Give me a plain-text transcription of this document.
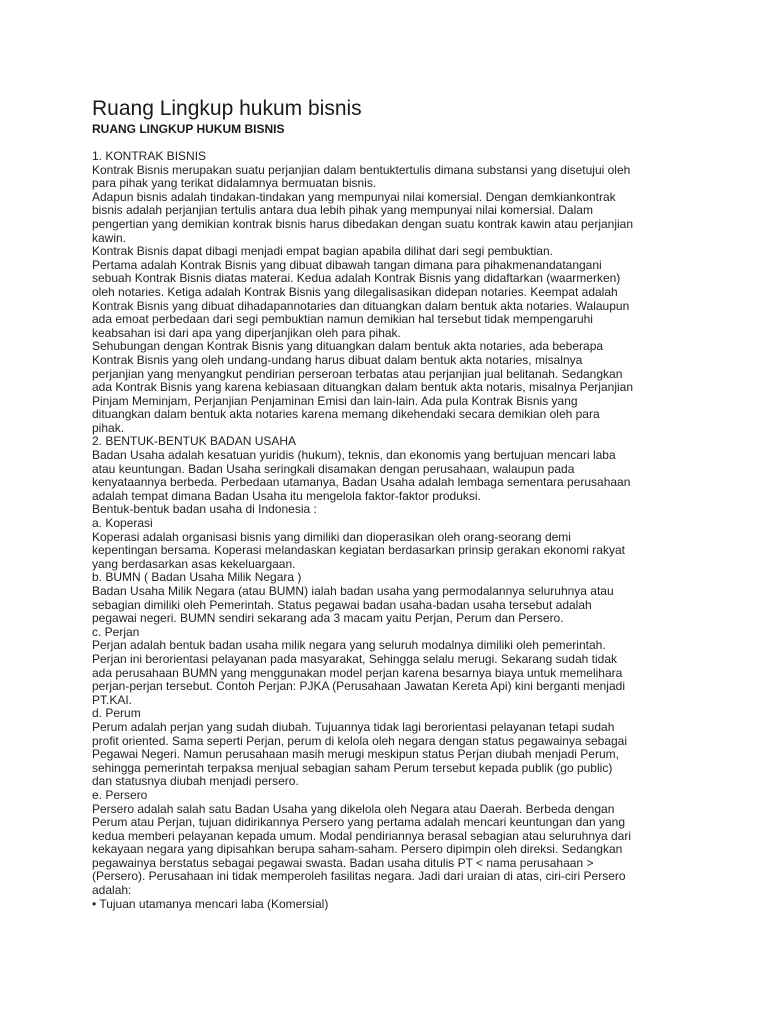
Ruang Lingkup hukum bisnis
RUANG LINGKUP HUKUM BISNIS
1. KONTRAK BISNIS
Kontrak Bisnis merupakan suatu perjanjian dalam bentuktertulis dimana substansi yang disetujui oleh
para pihak yang terikat didalamnya bermuatan bisnis.
Adapun bisnis adalah tindakan-tindakan yang mempunyai nilai komersial. Dengan demkiankontrak
bisnis adalah perjanjian tertulis antara dua lebih pihak yang mempunyai nilai komersial. Dalam
pengertian yang demikian kontrak bisnis harus dibedakan dengan suatu kontrak kawin atau perjanjian
kawin.
Kontrak Bisnis dapat dibagi menjadi empat bagian apabila dilihat dari segi pembuktian.
Pertama adalah Kontrak Bisnis yang dibuat dibawah tangan dimana para pihakmenandatangani
sebuah Kontrak Bisnis diatas materai. Kedua adalah Kontrak Bisnis yang didaftarkan (waarmerken)
oleh notaries. Ketiga adalah Kontrak Bisnis yang dilegalisasikan didepan notaries. Keempat adalah
Kontrak Bisnis yang dibuat dihadapannotaries dan dituangkan dalam bentuk akta notaries. Walaupun
ada emoat perbedaan dari segi pembuktian namun demikian hal tersebut tidak mempengaruhi
keabsahan isi dari apa yang diperjanjikan oleh para pihak.
Sehubungan dengan Kontrak Bisnis yang dituangkan dalam bentuk akta notaries, ada beberapa
Kontrak Bisnis yang oleh undang-undang harus dibuat dalam bentuk akta notaries, misalnya
perjanjian yang menyangkut pendirian perseroan terbatas atau perjanjian jual belitanah. Sedangkan
ada Kontrak Bisnis yang karena kebiasaan dituangkan dalam bentuk akta notaris, misalnya Perjanjian
Pinjam Meminjam, Perjanjian Penjaminan Emisi dan lain-lain. Ada pula Kontrak Bisnis yang
dituangkan dalam bentuk akta notaries karena memang dikehendaki secara demikian oleh para
pihak.
2. BENTUK-BENTUK BADAN USAHA
Badan Usaha adalah kesatuan yuridis (hukum), teknis, dan ekonomis yang bertujuan mencari laba
atau keuntungan. Badan Usaha seringkali disamakan dengan perusahaan, walaupun pada
kenyataannya berbeda. Perbedaan utamanya, Badan Usaha adalah lembaga sementara perusahaan
adalah tempat dimana Badan Usaha itu mengelola faktor-faktor produksi.
Bentuk-bentuk badan usaha di Indonesia :
a. Koperasi
Koperasi adalah organisasi bisnis yang dimiliki dan dioperasikan oleh orang-seorang demi
kepentingan bersama. Koperasi melandaskan kegiatan berdasarkan prinsip gerakan ekonomi rakyat
yang berdasarkan asas kekeluargaan.
b. BUMN ( Badan Usaha Milik Negara )
Badan Usaha Milik Negara (atau BUMN) ialah badan usaha yang permodalannya seluruhnya atau
sebagian dimiliki oleh Pemerintah. Status pegawai badan usaha-badan usaha tersebut adalah
pegawai negeri. BUMN sendiri sekarang ada 3 macam yaitu Perjan, Perum dan Persero.
c. Perjan
Perjan adalah bentuk badan usaha milik negara yang seluruh modalnya dimiliki oleh pemerintah.
Perjan ini berorientasi pelayanan pada masyarakat, Sehingga selalu merugi. Sekarang sudah tidak
ada perusahaan BUMN yang menggunakan model perjan karena besarnya biaya untuk memelihara
perjan-perjan tersebut. Contoh Perjan: PJKA (Perusahaan Jawatan Kereta Api) kini berganti menjadi
PT.KAI.
d. Perum
Perum adalah perjan yang sudah diubah. Tujuannya tidak lagi berorientasi pelayanan tetapi sudah
profit oriented. Sama seperti Perjan, perum di kelola oleh negara dengan status pegawainya sebagai
Pegawai Negeri. Namun perusahaan masih merugi meskipun status Perjan diubah menjadi Perum,
sehingga pemerintah terpaksa menjual sebagian saham Perum tersebut kepada publik (go public)
dan statusnya diubah menjadi persero.
e. Persero
Persero adalah salah satu Badan Usaha yang dikelola oleh Negara atau Daerah. Berbeda dengan
Perum atau Perjan, tujuan didirikannya Persero yang pertama adalah mencari keuntungan dan yang
kedua memberi pelayanan kepada umum. Modal pendiriannya berasal sebagian atau seluruhnya dari
kekayaan negara yang dipisahkan berupa saham-saham. Persero dipimpin oleh direksi. Sedangkan
pegawainya berstatus sebagai pegawai swasta. Badan usaha ditulis PT < nama perusahaan >
(Persero). Perusahaan ini tidak memperoleh fasilitas negara. Jadi dari uraian di atas, ciri-ciri Persero
adalah:
• Tujuan utamanya mencari laba (Komersial)
